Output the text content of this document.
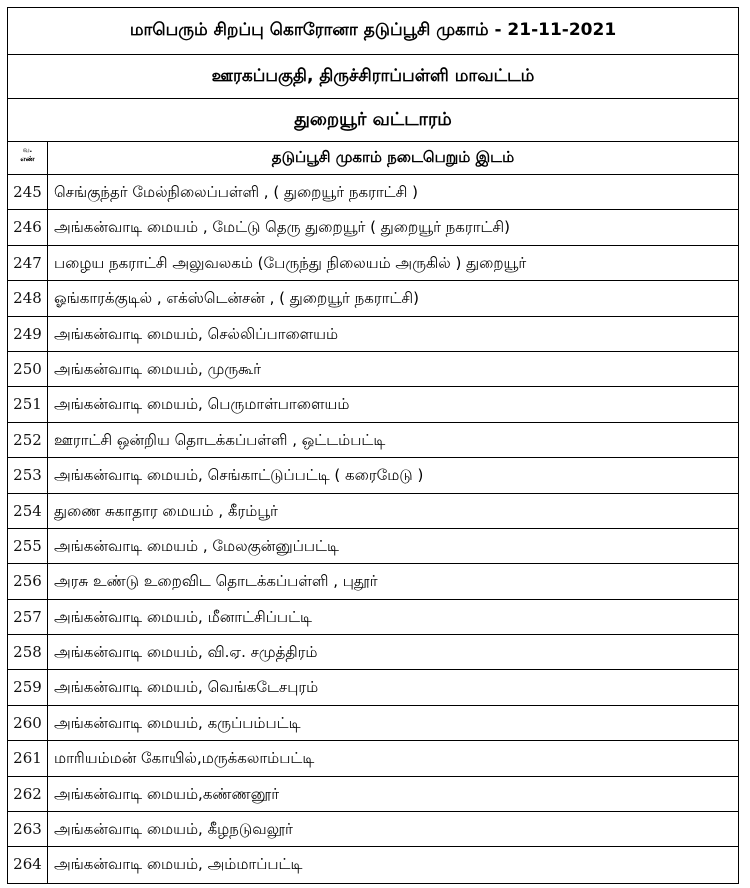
மாபெரும் சிறப்பு கொரோனா தடுப்பூசி முகாம் - 21-11-2021
ஊரகப்பகுதி, திருச்சிராப்பள்ளி மாவட்டம்
துறையூர் வட்டாரம்
வ.
எண்	தடுப்பூசி முகாம் நடைபெறும் இடம்
245 செங்குந்தர் மேல்நிலைப்பள்ளி , ( துறையூர் நகராட்சி )
246 அங்கன்வாடி மையம் , மேட்டு தெரு துறையூர் ( துறையூர் நகராட்சி)
247 பழைய நகராட்சி அலுவலகம் (பேருந்து நிலையம் அருகில் ) துறையூர்
248 ஓங்காரக்குடில் , எக்ஸ்டென்சன் , ( துறையூர் நகராட்சி)
249 அங்கன்வாடி மையம், செல்லிப்பாளையம்
250 அங்கன்வாடி மையம், முருகூர்
251 அங்கன்வாடி மையம், பெருமாள்பாளையம்
252 ஊராட்சி ஒன்றிய தொடக்கப்பள்ளி , ஒட்டம்பட்டி
253 அங்கன்வாடி மையம், செங்காட்டுப்பட்டி ( கரைமேடு )
254 துணை சுகாதார மையம் , கீரம்பூர்
255 அங்கன்வாடி மையம் , மேலகுன்னுப்பட்டி
256 அரசு உண்டு உறைவிட தொடக்கப்பள்ளி , புதூர்
257 அங்கன்வாடி மையம், மீனாட்சிப்பட்டி
258 அங்கன்வாடி மையம், வி.ஏ. சமுத்திரம்
259 அங்கன்வாடி மையம், வெங்கடேசபுரம்
260 அங்கன்வாடி மையம், கருப்பம்பட்டி
261 மாரியம்மன் கோயில்,மருக்கலாம்பட்டி
262 அங்கன்வாடி மையம்,கண்ணனூர்
263 அங்கன்வாடி மையம், கீழநடுவலூர்
264 அங்கன்வாடி மையம், அம்மாப்பட்டி
